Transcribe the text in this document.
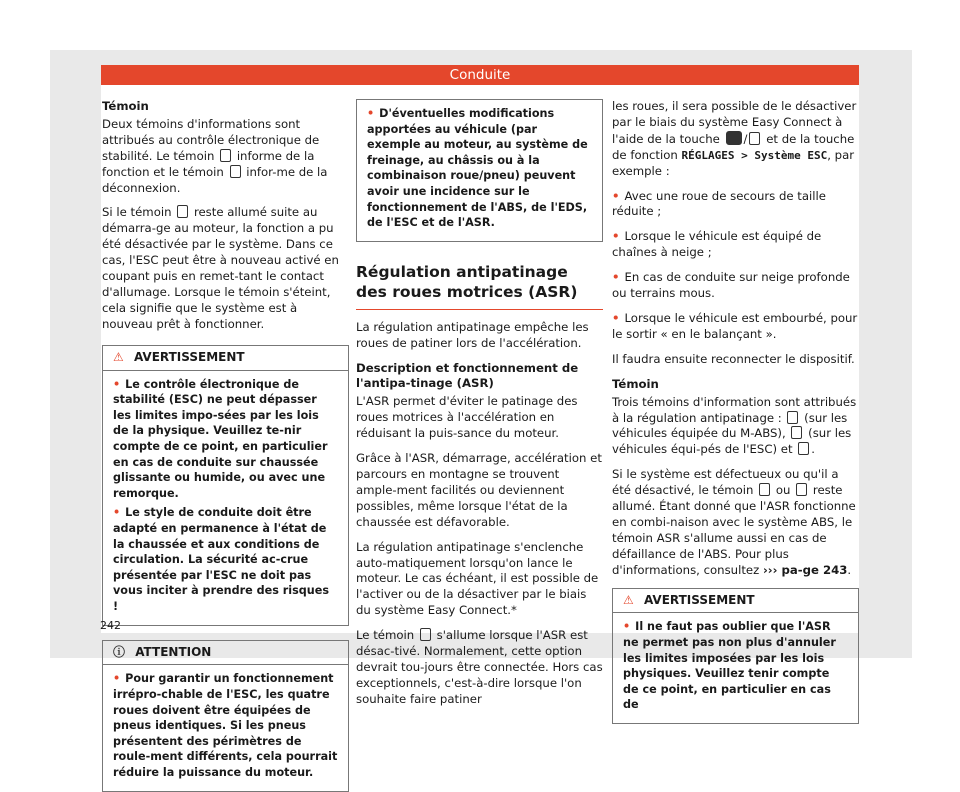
Conduite

Témoin

Deux témoins d'informations sont attribués au contrôle électronique de stabilité. Le témoin informe de la fonction et le témoin infor-me de la déconnexion.

Si le témoin reste allumé suite au démarra-ge au moteur, la fonction a pu été désactivée par le système. Dans ce cas, l'ESC peut être à nouveau activé en coupant puis en remet-tant le contact d'allumage. Lorsque le témoin s'éteint, cela signifie que le système est à nouveau prêt à fonctionner.

⚠ AVERTISSEMENT

• Le contrôle électronique de stabilité (ESC) ne peut dépasser les limites impo-sées par les lois de la physique. Veuillez te-nir compte de ce point, en particulier en cas de conduite sur chaussée glissante ou humide, ou avec une remorque.

• Le style de conduite doit être adapté en permanence à l'état de la chaussée et aux conditions de circulation. La sécurité ac-crue présentée par l'ESC ne doit pas vous inciter à prendre des risques !

ⓘ ATTENTION

• Pour garantir un fonctionnement irrépro-chable de l'ESC, les quatre roues doivent être équipées de pneus identiques. Si les pneus présentent des périmètres de roule-ment différents, cela pourrait réduire la puissance du moteur.

• D'éventuelles modifications apportées au véhicule (par exemple au moteur, au système de freinage, au châssis ou à la combinaison roue/pneu) peuvent avoir une incidence sur le fonctionnement de l'ABS, de l'EDS, de l'ESC et de l'ASR.

Régulation antipatinage des roues motrices (ASR)

La régulation antipatinage empêche les roues de patiner lors de l'accélération.

Description et fonctionnement de l'antipa-tinage (ASR)

L'ASR permet d'éviter le patinage des roues motrices à l'accélération en réduisant la puis-sance du moteur.

Grâce à l'ASR, démarrage, accélération et parcours en montagne se trouvent ample-ment facilités ou deviennent possibles, même lorsque l'état de la chaussée est défavorable.

La régulation antipatinage s'enclenche auto-matiquement lorsqu'on lance le moteur. Le cas échéant, il est possible de l'activer ou de la désactiver par le biais du système Easy Connect.*

Le témoin s'allume lorsque l'ASR est désac-tivé. Normalement, cette option devrait tou-jours être connectée. Hors cas exceptionnels, c'est-à-dire lorsque l'on souhaite faire patiner

les roues, il sera possible de le désactiver par le biais du système Easy Connect à l'aide de la touche / et de la touche de fonction RÉGLAGES > Système ESC, par exemple :

• Avec une roue de secours de taille réduite ;

• Lorsque le véhicule est équipé de chaînes à neige ;

• En cas de conduite sur neige profonde ou terrains mous.

• Lorsque le véhicule est embourbé, pour le sortir « en le balançant ».

Il faudra ensuite reconnecter le dispositif.

Témoin

Trois témoins d'information sont attribués à la régulation antipatinage : (sur les véhicules équipée du M-ABS), (sur les véhicules équi-pés de l'ESC) et .

Si le système est défectueux ou qu'il a été désactivé, le témoin ou reste allumé. Étant donné que l'ASR fonctionne en combi-naison avec le système ABS, le témoin ASR s'allume aussi en cas de défaillance de l'ABS. Pour plus d'informations, consultez ››› pa-ge 243.

⚠ AVERTISSEMENT

• Il ne faut pas oublier que l'ASR ne permet pas non plus d'annuler les limites imposées par les lois physiques. Veuillez tenir compte de ce point, en particulier en cas de

242
